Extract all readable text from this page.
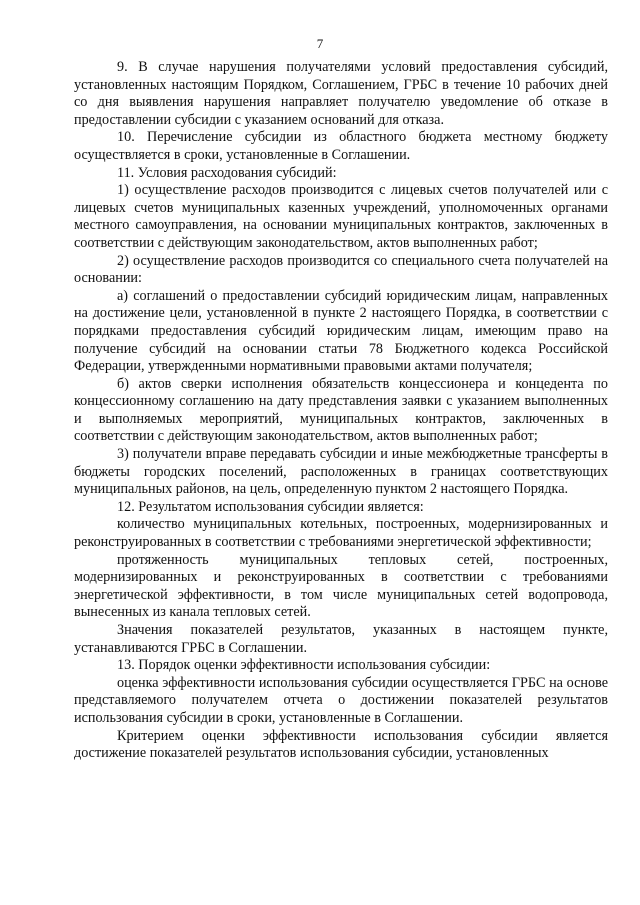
7

9. В случае нарушения получателями условий предоставления субсидий, установленных настоящим Порядком, Соглашением, ГРБС в течение 10 рабочих дней со дня выявления нарушения направляет получателю уведомление об отказе в предоставлении субсидии с указанием оснований для отказа.

10. Перечисление субсидии из областного бюджета местному бюджету осуществляется в сроки, установленные в Соглашении.

11. Условия расходования субсидий:

1) осуществление расходов производится с лицевых счетов получателей или с лицевых счетов муниципальных казенных учреждений, уполномоченных органами местного самоуправления, на основании муниципальных контрактов, заключенных в соответствии с действующим законодательством, актов выполненных работ;

2) осуществление расходов производится со специального счета получателей на основании:

а) соглашений о предоставлении субсидий юридическим лицам, направленных на достижение цели, установленной в пункте 2 настоящего Порядка, в соответствии с порядками предоставления субсидий юридическим лицам, имеющим право на получение субсидий на основании статьи 78 Бюджетного кодекса Российской Федерации, утвержденными нормативными правовыми актами получателя;

б) актов сверки исполнения обязательств концессионера и концедента по концессионному соглашению на дату представления заявки с указанием выполненных и выполняемых мероприятий, муниципальных контрактов, заключенных в соответствии с действующим законодательством, актов выполненных работ;

3) получатели вправе передавать субсидии и иные межбюджетные трансферты в бюджеты городских поселений, расположенных в границах соответствующих муниципальных районов, на цель, определенную пунктом 2 настоящего Порядка.

12. Результатом использования субсидии является:

количество муниципальных котельных, построенных, модернизированных и реконструированных в соответствии с требованиями энергетической эффективности;

протяженность муниципальных тепловых сетей, построенных, модернизированных и реконструированных в соответствии с требованиями энергетической эффективности, в том числе муниципальных сетей водопровода, вынесенных из канала тепловых сетей.

Значения показателей результатов, указанных в настоящем пункте, устанавливаются ГРБС в Соглашении.

13. Порядок оценки эффективности использования субсидии:

оценка эффективности использования субсидии осуществляется ГРБС на основе представляемого получателем отчета о достижении показателей результатов использования субсидии в сроки, установленные в Соглашении.

Критерием оценки эффективности использования субсидии является достижение показателей результатов использования субсидии, установленных
